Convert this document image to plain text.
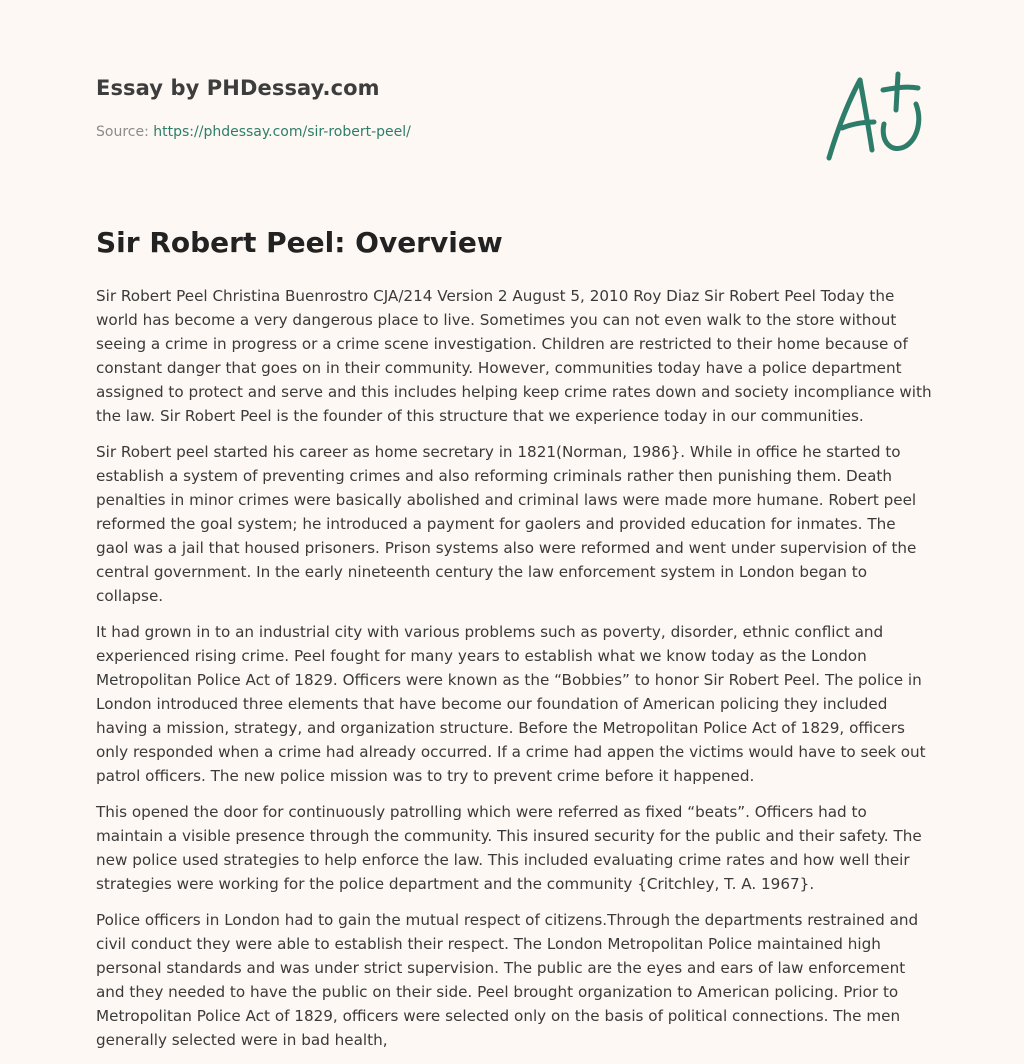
Essay by PHDessay.com
Source: https://phdessay.com/sir-robert-peel/
Sir Robert Peel: Overview

Sir Robert Peel Christina Buenrostro CJA/214 Version 2 August 5, 2010 Roy Diaz Sir Robert Peel Today the world has become a very dangerous place to live. Sometimes you can not even walk to the store without seeing a crime in progress or a crime scene investigation. Children are restricted to their home because of constant danger that goes on in their community. However, communities today have a police department assigned to protect and serve and this includes helping keep crime rates down and society incompliance with the law. Sir Robert Peel is the founder of this structure that we experience today in our communities.

Sir Robert peel started his career as home secretary in 1821(Norman, 1986}. While in office he started to establish a system of preventing crimes and also reforming criminals rather then punishing them. Death penalties in minor crimes were basically abolished and criminal laws were made more humane. Robert peel reformed the goal system; he introduced a payment for gaolers and provided education for inmates. The gaol was a jail that housed prisoners. Prison systems also were reformed and went under supervision of the central government. In the early nineteenth century the law enforcement system in London began to collapse.

It had grown in to an industrial city with various problems such as poverty, disorder, ethnic conflict and experienced rising crime. Peel fought for many years to establish what we know today as the London Metropolitan Police Act of 1829. Officers were known as the “Bobbies” to honor Sir Robert Peel. The police in London introduced three elements that have become our foundation of American policing they included having a mission, strategy, and organization structure. Before the Metropolitan Police Act of 1829, officers only responded when a crime had already occurred. If a crime had appen the victims would have to seek out patrol officers. The new police mission was to try to prevent crime before it happened.

This opened the door for continuously patrolling which were referred as fixed “beats”. Officers had to maintain a visible presence through the community. This insured security for the public and their safety. The new police used strategies to help enforce the law. This included evaluating crime rates and how well their strategies were working for the police department and the community {Critchley, T. A. 1967}.

Police officers in London had to gain the mutual respect of citizens.Through the departments restrained and civil conduct they were able to establish their respect. The London Metropolitan Police maintained high personal standards and was under strict supervision. The public are the eyes and ears of law enforcement and they needed to have the public on their side. Peel brought organization to American policing. Prior to Metropolitan Police Act of 1829, officers were selected only on the basis of political connections. The men generally selected were in bad health,
